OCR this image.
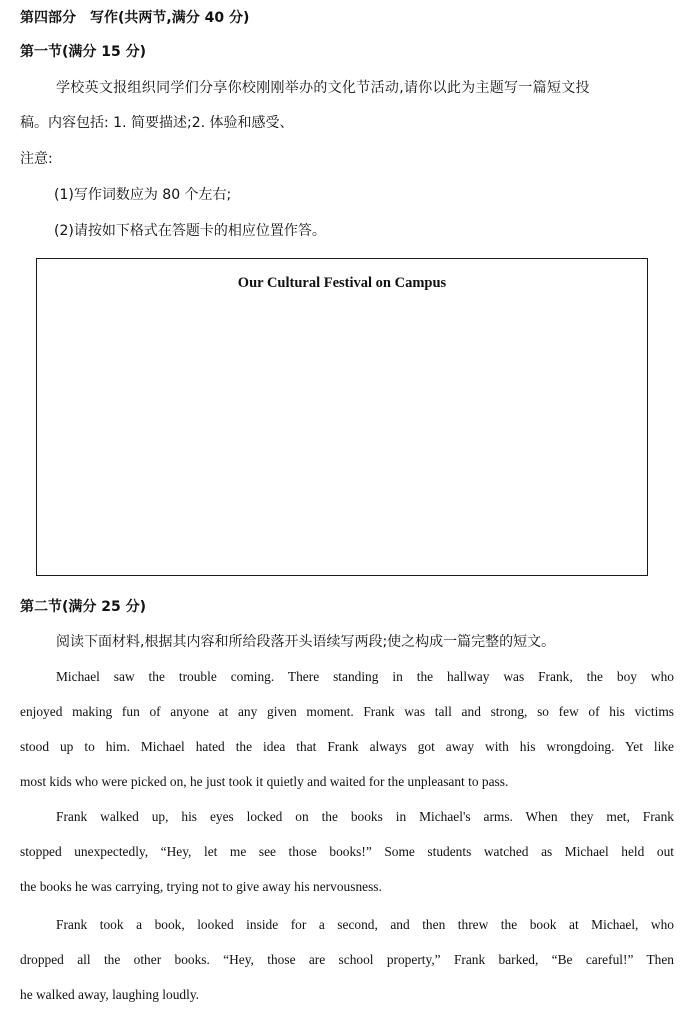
第四部分　写作(共两节,满分 40 分)
第一节(满分 15 分)
学校英文报组织同学们分享你校刚刚举办的文化节活动,请你以此为主题写一篇短文投
稿。内容包括: 1. 简要描述;2. 体验和感受、
注意:
(1)写作词数应为 80 个左右;
(2)请按如下格式在答题卡的相应位置作答。
Our Cultural Festival on Campus
第二节(满分 25 分)
阅读下面材料,根据其内容和所给段落开头语续写两段;使之构成一篇完整的短文。
Michael saw the trouble coming. There standing in the hallway was Frank, the boy who
enjoyed making fun of anyone at any given moment. Frank was tall and strong, so few of his victims
stood up to him. Michael hated the idea that Frank always got away with his wrongdoing. Yet like
most kids who were picked on, he just took it quietly and waited for the unpleasant to pass.
Frank walked up, his eyes locked on the books in Michael's arms. When they met, Frank
stopped unexpectedly, “Hey, let me see those books!” Some students watched as Michael held out
the books he was carrying, trying not to give away his nervousness.
Frank took a book, looked inside for a second, and then threw the book at Michael, who
dropped all the other books. “Hey, those are school property,” Frank barked, “Be careful!” Then
he walked away, laughing loudly.
